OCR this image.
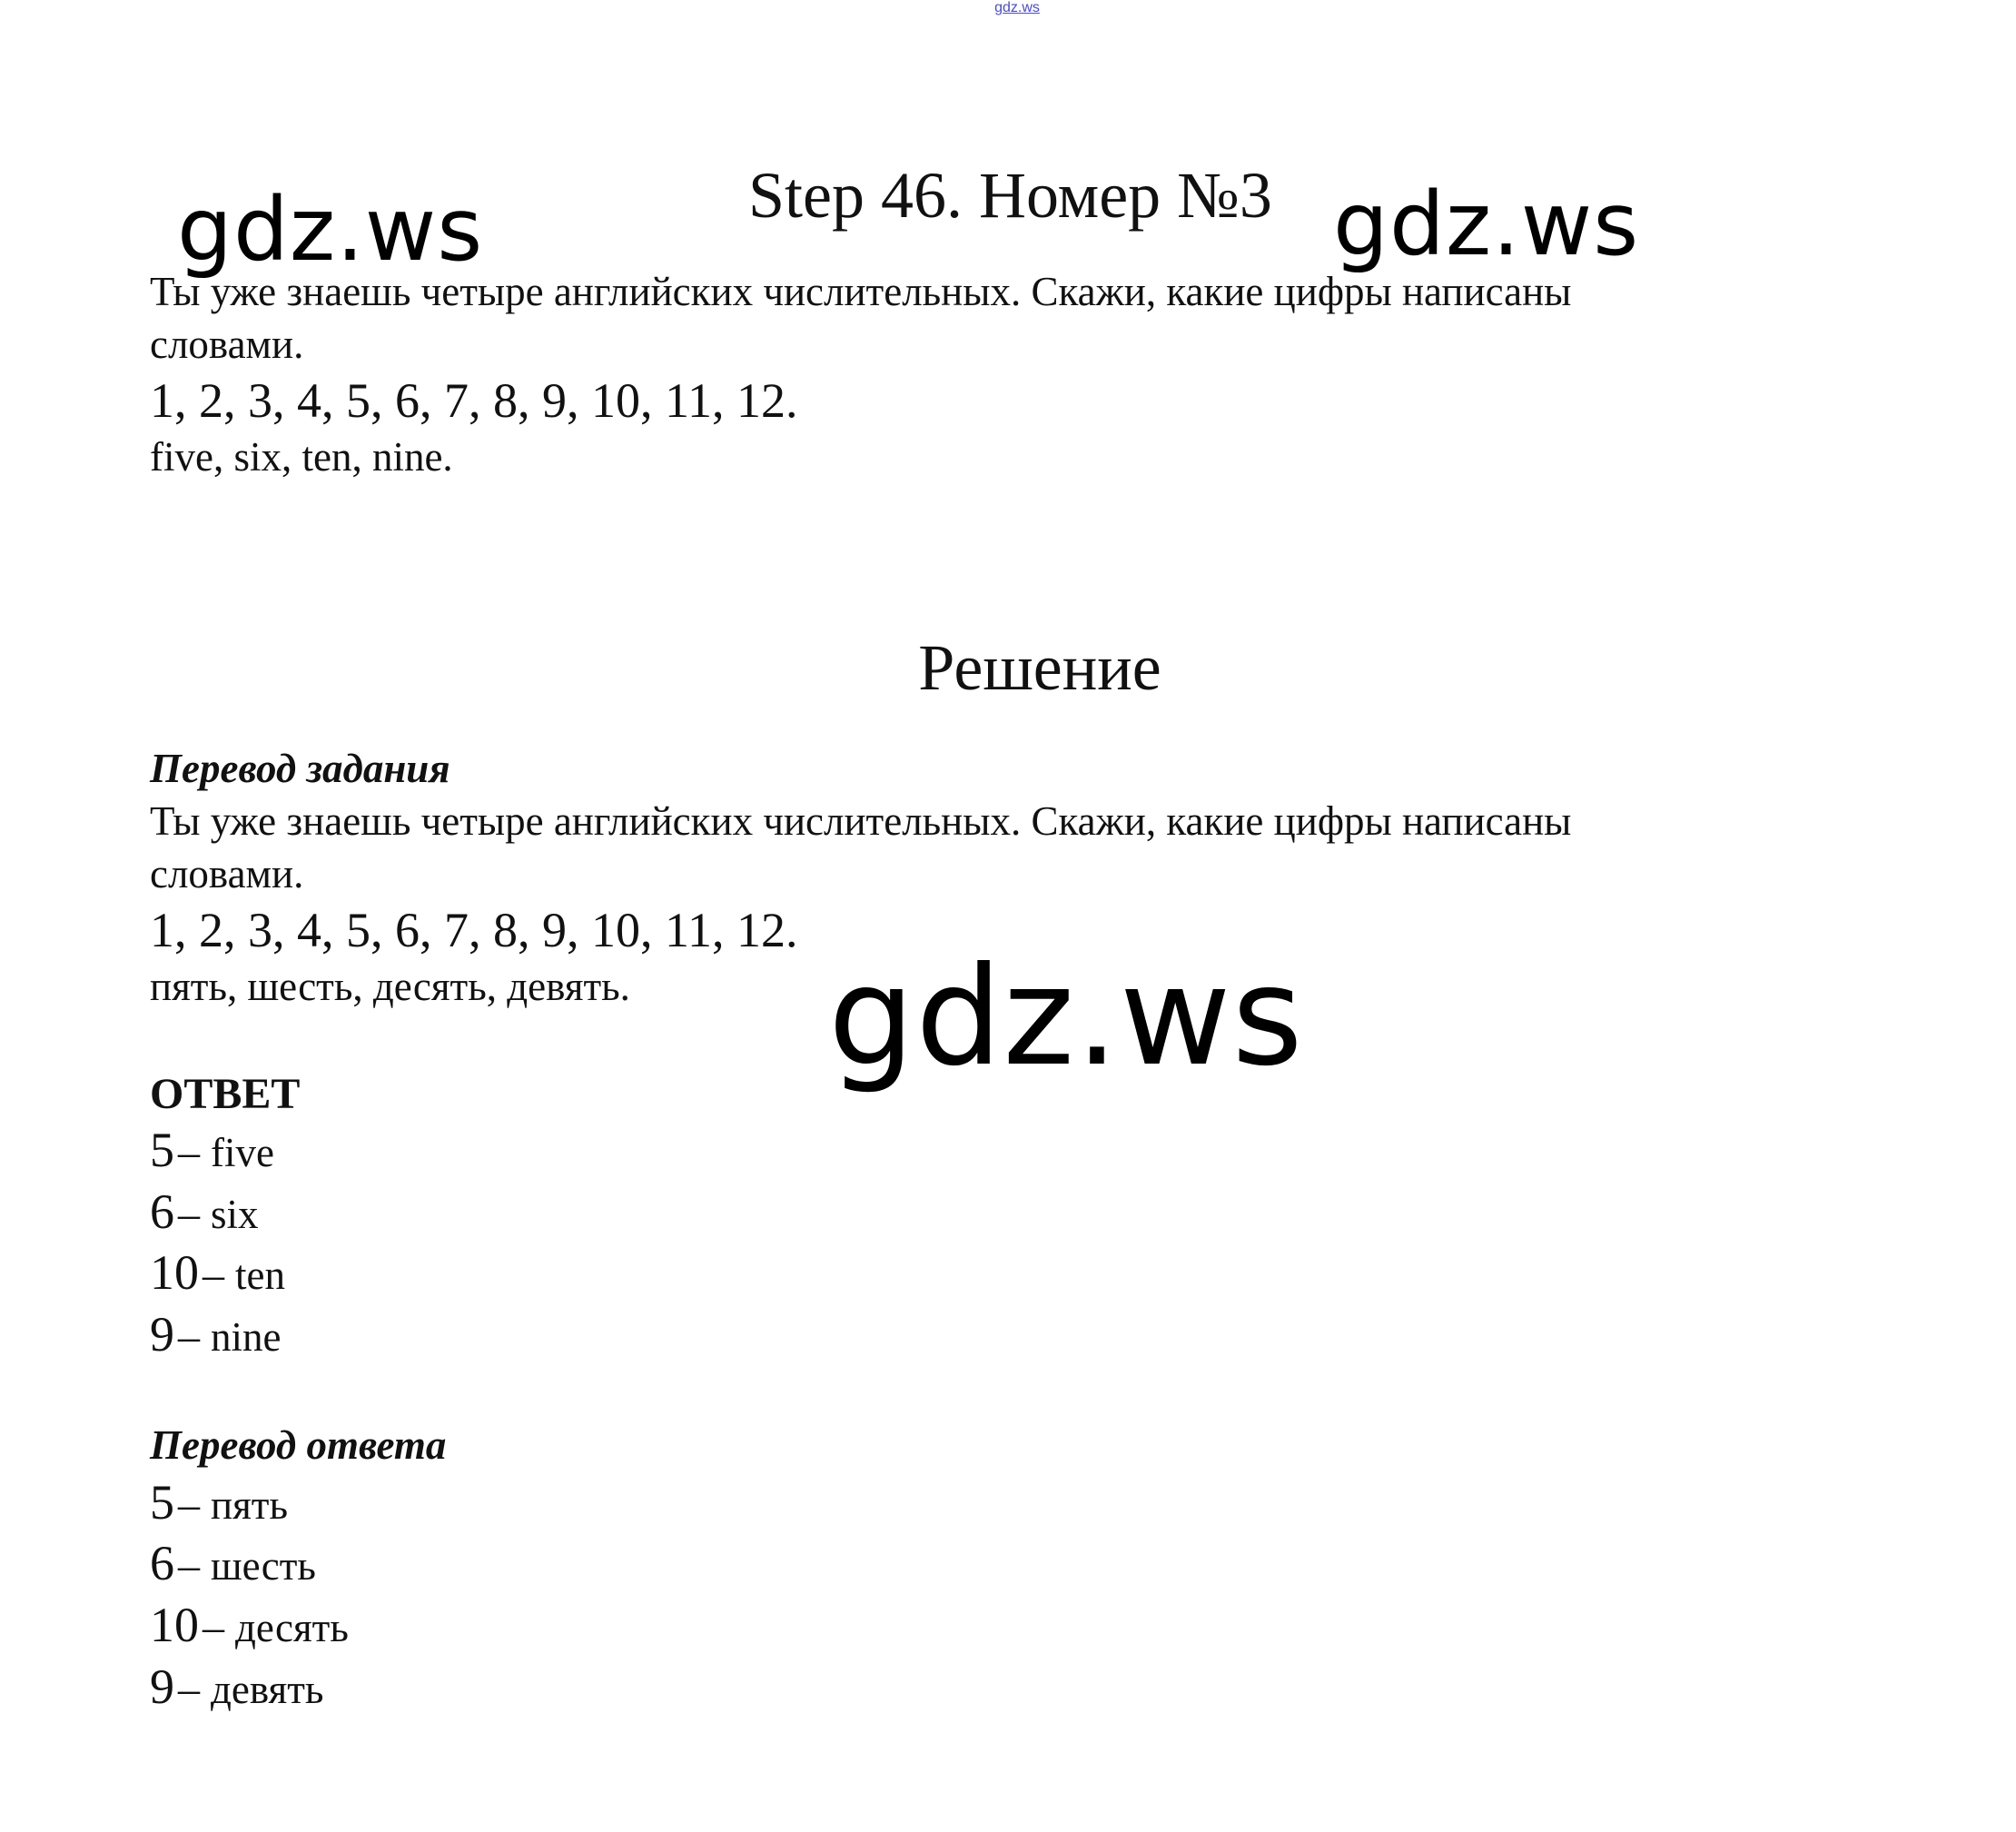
gdz.ws
Step 46. Номер №3
gdz.ws	gdz.ws
Ты уже знаешь четыре английских числительных. Скажи, какие цифры написаны
словами.
1, 2, 3, 4, 5, 6, 7, 8, 9, 10, 11, 12.
five, six, ten, nine.
Решение
Перевод задания
Ты уже знаешь четыре английских числительных. Скажи, какие цифры написаны
словами.
1, 2, 3, 4, 5, 6, 7, 8, 9, 10, 11, 12.
пять, шесть, десять, девять. gdz.ws
ОТВЕТ
5 – five
6 – six
10 – ten
9 – nine
Перевод ответа
5 – пять
6 – шесть
10 – десять
9 – девять
